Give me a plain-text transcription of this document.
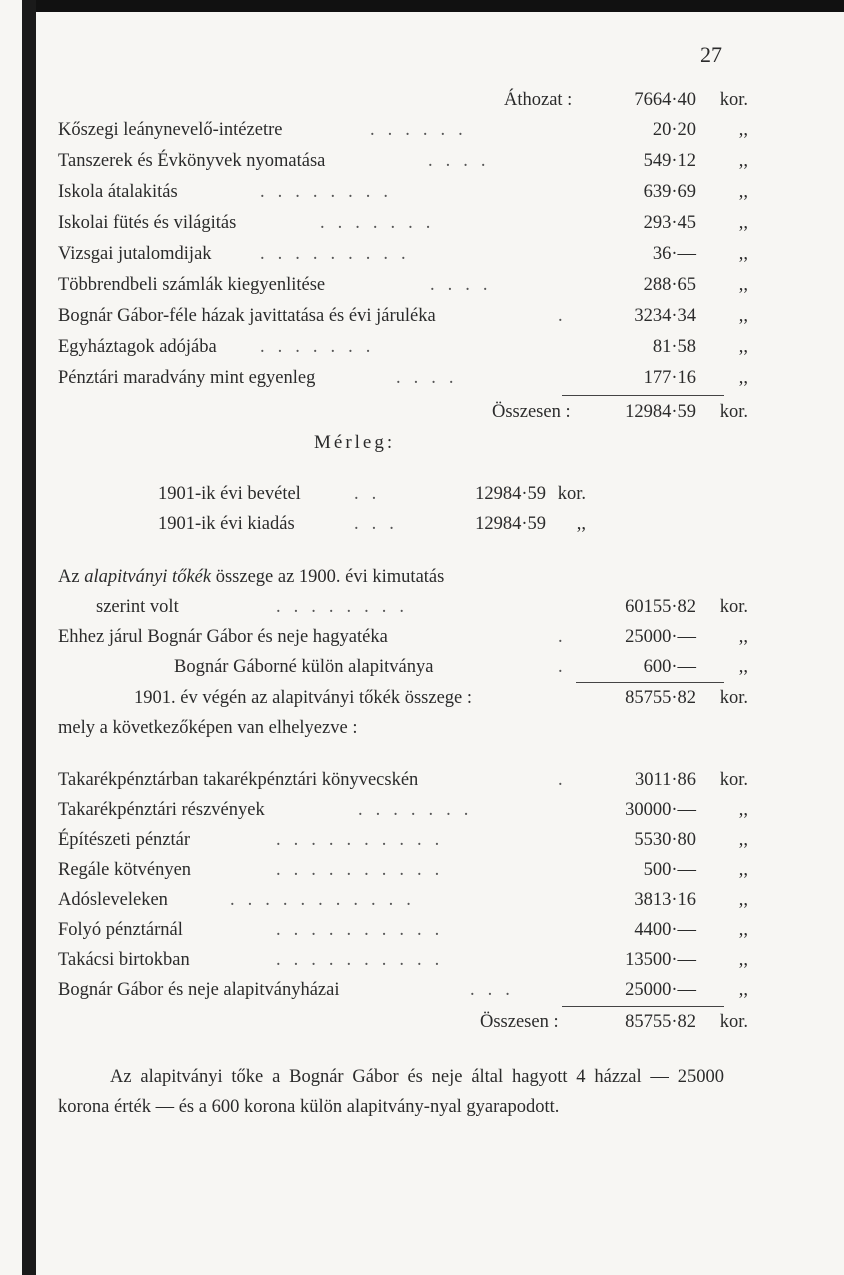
27
Áthozat :	7664·40 kor.
Kőszegi leánynevelő-intézetre	......	20·20 ,,
Tanszerek és Évkönyvek nyomatása	....	549·12 ,,
Iskola átalakitás	........	639·69 ,,
Iskolai fütés és világitás	.......	293·45 ,,
Vizsgai jutalomdijak	.........	36·— ,,
Többrendbeli számlák kiegyenlitése	....	288·65 ,,
Bognár Gábor-féle házak javittatása és évi járuléka	.	3234·34 ,,
Egyháztagok adójába .......	81·58 ,,
Pénztári maradvány mint egyenleg	....	177·16 ,,
Összesen :	12984·59 kor.
Mérleg:
1901-ik évi bevétel	..	12984·59 kor.
1901-ik évi kiadás	...	12984·59 ,,
Az alapitványi tőkék összege az 1900. évi kimutatás
szerint volt	........	60155·82 kor.
Ehhez járul Bognár Gábor és neje hagyatéka	.	25000·— ,,
Bognár Gáborné külön alapitványa	.	600·— ,,
1901. év végén az alapitványi tőkék összege :	85755·82 kor.
mely a következőképen van elhelyezve :
Takarékpénztárban takarékpénztári könyvecskén	.	3011·86 kor.
Takarékpénztári részvények	.......	30000·— ,,
Építészeti pénztár	..........	5530·80 ,,
Regále kötvényen	..........	500·— ,,
Adósleveleken	...........	3813·16 ,,
Folyó pénztárnál	..........	4400·— ,,
Takácsi birtokban	..........	13500·— ,,
Bognár Gábor és neje alapitványházai	...	25000·— ,,
Összesen :	85755·82 kor.
Az alapitványi tőke a Bognár Gábor és neje által hagyott 4 házzal — 25000 korona érték — és a 600 korona külön alapitvány-nyal gyarapodott.
